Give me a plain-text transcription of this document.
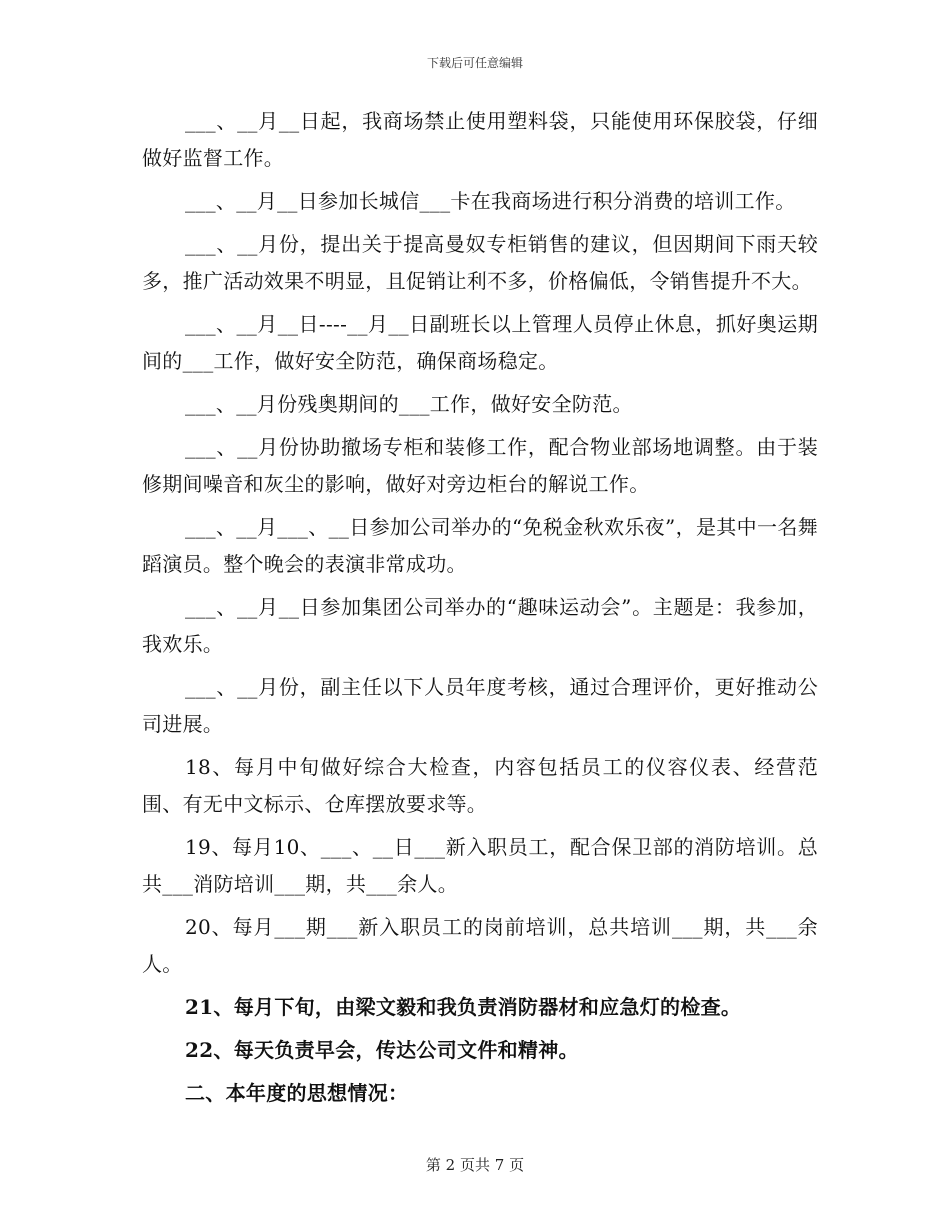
下载后可任意编辑

___、__月__日起，我商场禁止使用塑料袋，只能使用环保胶袋，仔细做好监督工作。

___、__月__日参加长城信___卡在我商场进行积分消费的培训工作。

___、__月份，提出关于提高曼奴专柜销售的建议，但因期间下雨天较多，推广活动效果不明显，且促销让利不多，价格偏低，令销售提升不大。

___、__月__日----__月__日副班长以上管理人员停止休息，抓好奥运期间的___工作，做好安全防范，确保商场稳定。

___、__月份残奥期间的___工作，做好安全防范。

___、__月份协助撤场专柜和装修工作，配合物业部场地调整。由于装修期间噪音和灰尘的影响，做好对旁边柜台的解说工作。

___、__月___、__日参加公司举办的“免税金秋欢乐夜”，是其中一名舞蹈演员。整个晚会的表演非常成功。

___、__月__日参加集团公司举办的“趣味运动会”。主题是：我参加，我欢乐。

___、__月份，副主任以下人员年度考核，通过合理评价，更好推动公司进展。

18、每月中旬做好综合大检查，内容包括员工的仪容仪表、经营范围、有无中文标示、仓库摆放要求等。

19、每月10、___、__日___新入职员工，配合保卫部的消防培训。总共___消防培训___期，共___余人。

20、每月___期___新入职员工的岗前培训，总共培训___期，共___余人。

21、每月下旬，由梁文毅和我负责消防器材和应急灯的检查。

22、每天负责早会，传达公司文件和精神。

二、本年度的思想情况：

第 2 页共 7 页
